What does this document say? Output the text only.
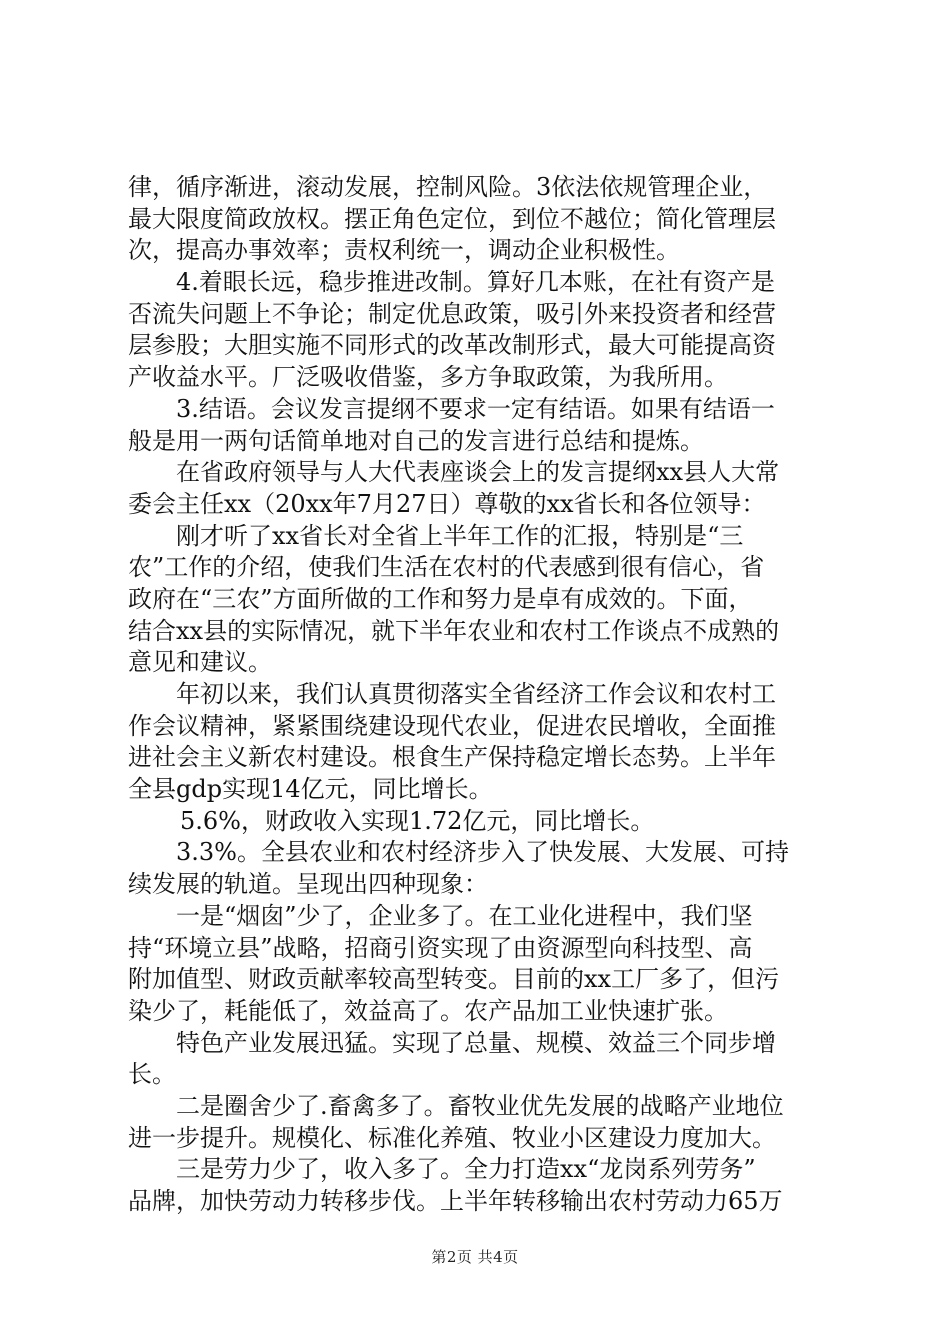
律，循序渐进，滚动发展，控制风险。3依法依规管理企业，
最大限度简政放权。摆正角色定位，到位不越位；简化管理层
次，提高办事效率；责权利统一，调动企业积极性。
4.着眼长远，稳步推进改制。算好几本账，在社有资产是
否流失问题上不争论；制定优息政策，吸引外来投资者和经营
层参股；大胆实施不同形式的改革改制形式，最大可能提高资
产收益水平。厂泛吸收借鉴，多方争取政策，为我所用。
3.结语。会议发言提纲不要求一定有结语。如果有结语一
般是用一两句话简单地对自己的发言进行总结和提炼。
在省政府领导与人大代表座谈会上的发言提纲xx县人大常
委会主任xx（20xx年7月27日）尊敬的xx省长和各位领导：
刚才听了xx省长对全省上半年工作的汇报，特别是“三
农”工作的介绍，使我们生活在农村的代表感到很有信心，省
政府在“三农”方面所做的工作和努力是卓有成效的。下面，
结合xx县的实际情况，就下半年农业和农村工作谈点不成熟的
意见和建议。
年初以来，我们认真贯彻落实全省经济工作会议和农村工
作会议精神，紧紧围绕建设现代农业，促进农民增收，全面推
进社会主义新农村建设。根食生产保持稳定增长态势。上半年
全县gdp实现14亿元，同比增长。
5.6%，财政收入实现1.72亿元，同比增长。
3.3%。全县农业和农村经济步入了快发展、大发展、可持
续发展的轨道。呈现出四种现象：
一是“烟囱”少了，企业多了。在工业化进程中，我们坚
持“环境立县”战略，招商引资实现了由资源型向科技型、高
附加值型、财政贡献率较高型转变。目前的xx工厂多了，但污
染少了，耗能低了，效益高了。农产品加工业快速扩张。
特色产业发展迅猛。实现了总量、规模、效益三个同步增
长。
二是圈舍少了.畜禽多了。畜牧业优先发展的战略产业地位
进一步提升。规模化、标准化养殖、牧业小区建设力度加大。
三是劳力少了，收入多了。全力打造xx“龙岗系列劳务”
品牌，加快劳动力转移步伐。上半年转移输出农村劳动力65万
第2页 共4页
